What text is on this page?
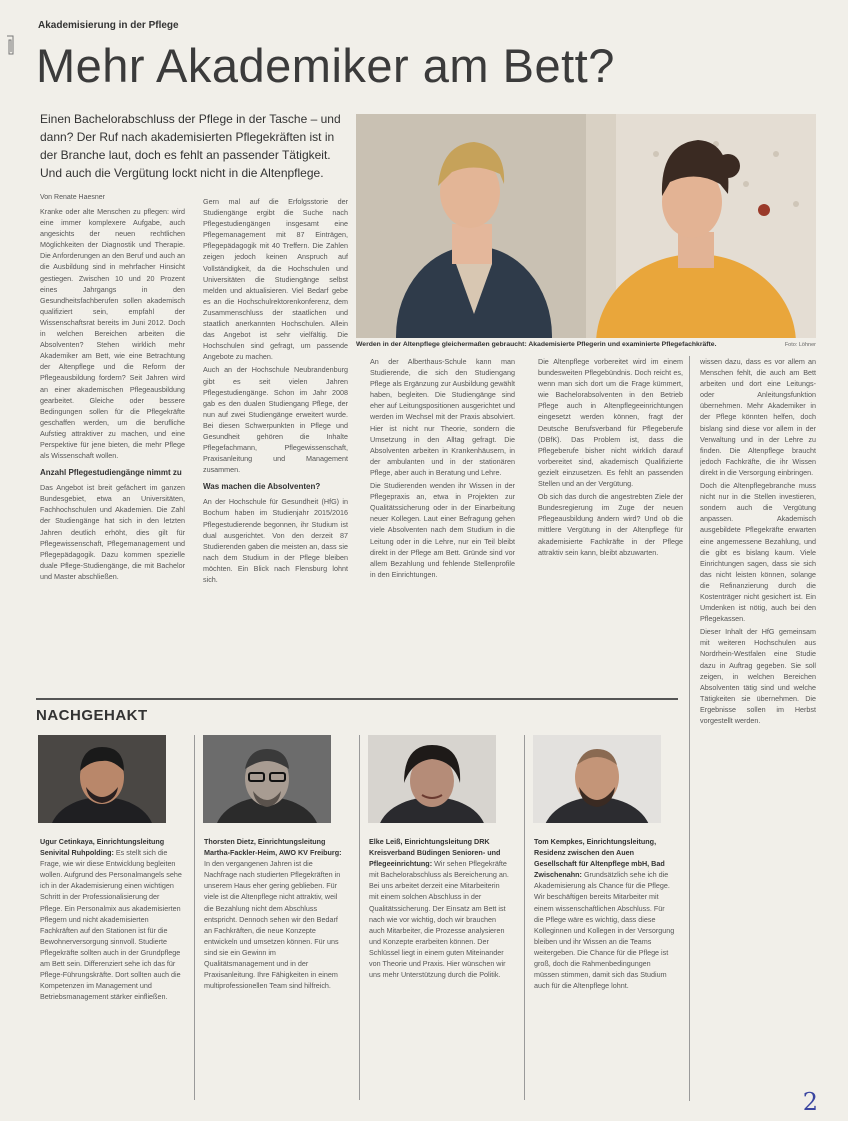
Akademisierung in der Pflege
Mehr Akademiker am Bett?
Einen Bachelorabschluss der Pflege in der Tasche – und dann? Der Ruf nach akademisierten Pflegekräften ist in der Branche laut, doch es fehlt an passender Tätigkeit. Und auch die Vergütung lockt nicht in die Altenpflege.
Von Renate Haesner

Kranke oder alte Menschen zu pflegen: wird eine immer komplexere Aufgabe, auch angesichts der neuen rechtlichen Möglichkeiten der Diagnostik und Therapie. Die Anforderungen an den Beruf und auch an die Ausbildung sind in mehrfacher Hinsicht gestiegen. Zwischen 10 und 20 Prozent eines Jahrgangs in den Gesundheitsfachberufen sollen akademisch qualifiziert sein, empfahl der Wissenschaftsrat bereits im Juni 2012. Doch in welchen Bereichen arbeiten die Absolventen? Stehen wirklich mehr Akademiker am Bett, wie eine Betrachtung der Altenpflege und die Reform der Pflegeausbildung fordern? Seit Jahren wird an einer akademischen Pflegeausbildung gearbeitet. Gleiche oder bessere Bedingungen sollen für die Pflegekräfte geschaffen werden, um die berufliche Aufstieg attraktiver zu machen, und eine Perspektive für jene bieten, die mehr Pflege als Wissenschaft wollen.

Anzahl Pflegestudiengänge nimmt zu

Das Angebot ist breit gefächert im ganzen Bundesgebiet, etwa an Universitäten, Fachhochschulen und Akademien. Die Zahl der Studiengänge hat sich in den letzten Jahren deutlich erhöht, dies gilt für Pflegewissenschaft, Pflegemanagement und Pflegepädagogik. Dazu kommen spezielle duale Pflege-Studiengänge, die mit Bachelor und Master abschließen.

Gern mal auf die Erfolgsstorie der Studiengänge ergibt die Suche nach Pflegestudiengängen insgesamt eine Pflegemanagement mit 87 Einträgen, Pflegepädagogik mit 40 Treffern. Die Zahlen zeigen jedoch keinen Anspruch auf Vollständigkeit, da die Hochschulen und Universitäten die Studiengänge selbst melden und aktualisieren. Viel Bedarf gebe es an die Hochschulrektorenkonferenz, dem Zusammenschluss der staatlichen und staatlich anerkannten Hochschulen. Allein das Angebot ist sehr vielfältig. Die Hochschulen sind gefragt, um passende Angebote zu machen.

Auch an der Hochschule Neubrandenburg gibt es seit vielen Jahren Pflegestudiengänge. Schon im Jahr 2008 gab es den dualen Studiengang Pflege, der nun auf zwei Studiengänge erweitert wurde. Bei diesen Schwerpunkten in Pflege und Gesundheit gehören die Inhalte Pflegefachmann, Pflegewissenschaft, Praxisanleitung und Management zusammen.

Was machen die Absolventen?

An der Hochschule für Gesundheit (HfG) in Bochum haben im Studienjahr 2015/2016 Pflegestudierende begonnen, ihr Studium ist dual ausgerichtet. Von den derzeit 87 Studierenden gaben die meisten an, dass sie nach dem Studium in der Pflege bleiben möchten. Ein Blick nach Flensburg lohnt sich.

Werden in der Altenpflege gleichermaßen gebraucht: Akademisierte Pflegerin und examinierte Pflegefachkräfte.	Foto: Löhner

An der Alberthaus-Schule kann man Studierende, die sich den Studiengang Pflege als Ergänzung zur Ausbildung gewählt haben, begleiten. Die Studiengänge sind eher auf Leitungspositionen ausgerichtet und werden im Wechsel mit der Praxis absolviert. Hier ist nicht nur Theorie, sondern die Umsetzung in den Alltag gefragt. Die Absolventen arbeiten in Krankenhäusern, in der ambulanten und in der stationären Pflege, aber auch in Beratung und Lehre.

Die Studierenden wenden ihr Wissen in der Pflegepraxis an, etwa in Projekten zur Qualitätssicherung oder in der Einarbeitung neuer Kollegen. Laut einer Befragung gehen viele Absolventen nach dem Studium in die Leitung oder in die Lehre, nur ein Teil bleibt direkt in der Pflege am Bett. Gründe sind vor allem Bezahlung und fehlende Stellenprofile in den Einrichtungen.

Die Altenpflege vorbereitet wird im einem bundesweiten Pflegebündnis. Doch reicht es, wenn man sich dort um die Frage kümmert, wie Bachelorabsolventen in den Betrieb Pflege auch in Altenpflegeeinrichtungen eingesetzt werden können, fragt der Deutsche Berufsverband für Pflegeberufe (DBfK). Das Problem ist, dass die Pflegeberufe bisher nicht wirklich darauf vorbereitet sind, akademisch Qualifizierte gezielt einzusetzen. Es fehlt an passenden Stellen und an der Vergütung.

Ob sich das durch die angestrebten Ziele der Bundesregierung im Zuge der neuen Pflegeausbildung ändern wird? Und ob die mittlere Vergütung in der Altenpflege für akademisierte Fachkräfte in der Pflege attraktiv sein kann, bleibt abzuwarten.

wissen dazu, dass es vor allem an Menschen fehlt, die auch am Bett arbeiten und dort eine Leitungs- oder Anleitungsfunktion übernehmen. Mehr Akademiker in der Pflege könnten helfen, doch bislang sind diese vor allem in der Verwaltung und in der Lehre zu finden. Die Altenpflege braucht jedoch Fachkräfte, die ihr Wissen direkt in die Versorgung einbringen.

Doch die Altenpflegebranche muss nicht nur in die Stellen investieren, sondern auch die Vergütung anpassen. Akademisch ausgebildete Pflegekräfte erwarten eine angemessene Bezahlung, und die gibt es bislang kaum. Viele Einrichtungen sagen, dass sie sich das nicht leisten können, solange die Refinanzierung durch die Kostenträger nicht gesichert ist. Ein Umdenken ist nötig, auch bei den Pflegekassen.

Dieser Inhalt der HfG gemeinsam mit weiteren Hochschulen aus Nordrhein-Westfalen eine Studie dazu in Auftrag gegeben. Sie soll zeigen, in welchen Bereichen Absolventen tätig sind und welche Tätigkeiten sie übernehmen. Die Ergebnisse sollen im Herbst vorgestellt werden.

NACHGEHAKT
Ugur Cetinkaya, Einrichtungsleitung Senivital Ruhpolding: Es stellt sich die Frage, wie wir diese Entwicklung begleiten wollen. Aufgrund des Personalmangels sehe ich in der Akademisierung einen wichtigen Schritt in der Professionalisierung der Pflege. Ein Personalmix aus akademisierten Pflegern und nicht akademisierten Fachkräften auf den Stationen ist für die Bewohnerversorgung sinnvoll. Studierte Pflegekräfte sollten auch in der Grundpflege am Bett sein. Differenziert sehe ich das für Pflege-Führungskräfte. Dort sollten auch die Kompetenzen im Management und Betriebsmanagement stärker einfließen.
Thorsten Dietz, Einrichtungsleitung Martha-Fackler-Heim, AWO KV Freiburg: In den vergangenen Jahren ist die Nachfrage nach studierten Pflegekräften in unserem Haus eher gering geblieben. Für viele ist die Altenpflege nicht attraktiv, weil die Bezahlung nicht dem Abschluss entspricht. Dennoch sehen wir den Bedarf an Fachkräften, die neue Konzepte entwickeln und umsetzen können. Für uns sind sie ein Gewinn im Qualitätsmanagement und in der Praxisanleitung. Ihre Fähigkeiten in einem multiprofessionellen Team sind hilfreich.
Elke Leiß, Einrichtungsleitung DRK Kreisverband Büdingen Senioren- und Pflegeeinrichtung: Wir sehen Pflegekräfte mit Bachelorabschluss als Bereicherung an. Bei uns arbeitet derzeit eine Mitarbeiterin mit einem solchen Abschluss in der Qualitätssicherung. Der Einsatz am Bett ist nach wie vor wichtig, doch wir brauchen auch Mitarbeiter, die Prozesse analysieren und Konzepte erarbeiten können. Der Schlüssel liegt in einem guten Miteinander von Theorie und Praxis. Hier wünschen wir uns mehr Unterstützung durch die Politik.
Tom Kempkes, Einrichtungsleitung, Residenz zwischen den Auen Gesellschaft für Altenpflege mbH, Bad Zwischenahn: Grundsätzlich sehe ich die Akademisierung als Chance für die Pflege. Wir beschäftigen bereits Mitarbeiter mit einem wissenschaftlichen Abschluss. Für die Pflege wäre es wichtig, dass diese Kolleginnen und Kollegen in der Versorgung bleiben und ihr Wissen an die Teams weitergeben. Die Chance für die Pflege ist groß, doch die Rahmenbedingungen müssen stimmen, damit sich das Studium auch für die Altenpflege lohnt.
2
